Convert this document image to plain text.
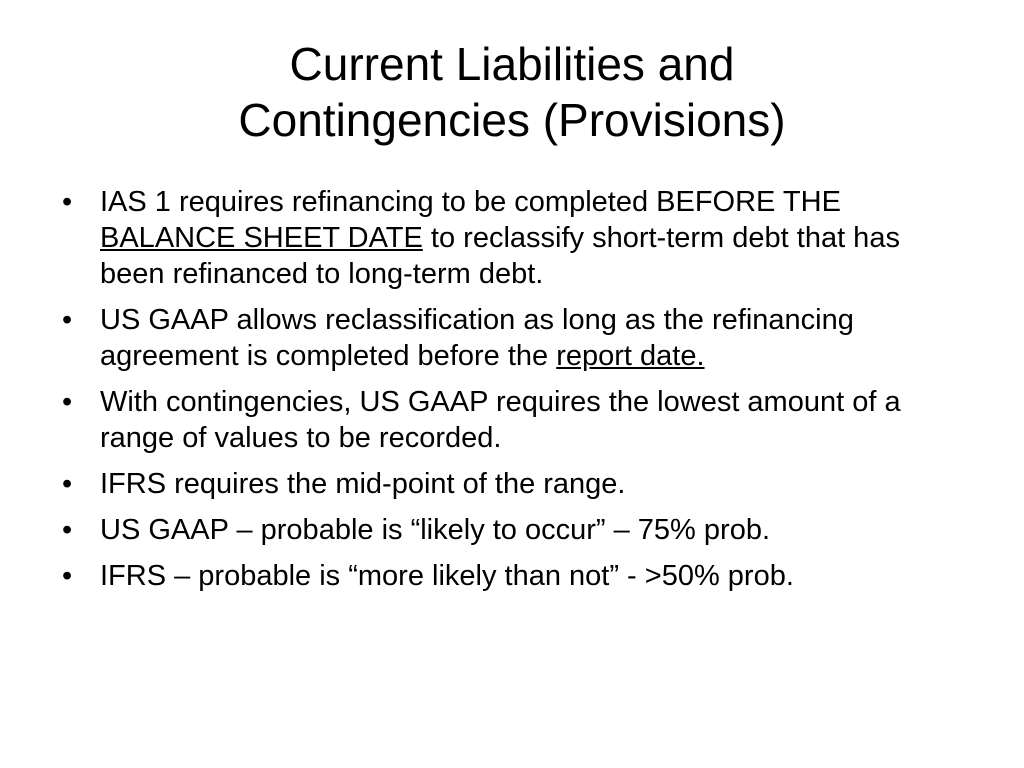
Current Liabilities and
Contingencies (Provisions)
• IAS 1 requires refinancing to be completed BEFORE THE BALANCE SHEET DATE to reclassify short-term debt that has been refinanced to long-term debt.
• US GAAP allows reclassification as long as the refinancing agreement is completed before the report date.
• With contingencies, US GAAP requires the lowest amount of a range of values to be recorded.
• IFRS requires the mid-point of the range.
• US GAAP – probable is “likely to occur” – 75% prob.
• IFRS – probable is “more likely than not” - >50% prob.
